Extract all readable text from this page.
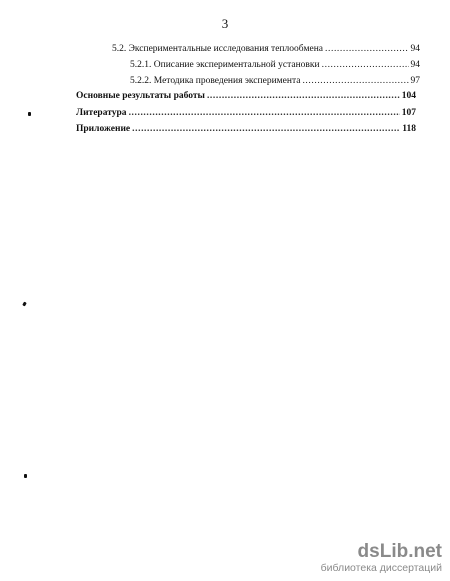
3
5.2. Экспериментальные исследования теплообмена .....	94
5.2.1. Описание экспериментальной установки .....	94
5.2.2. Методика проведения эксперимента .....	97
Основные результаты работы .....	104
Литература .....	107
Приложение .....	118
dsLib.net
библиотека диссертаций
